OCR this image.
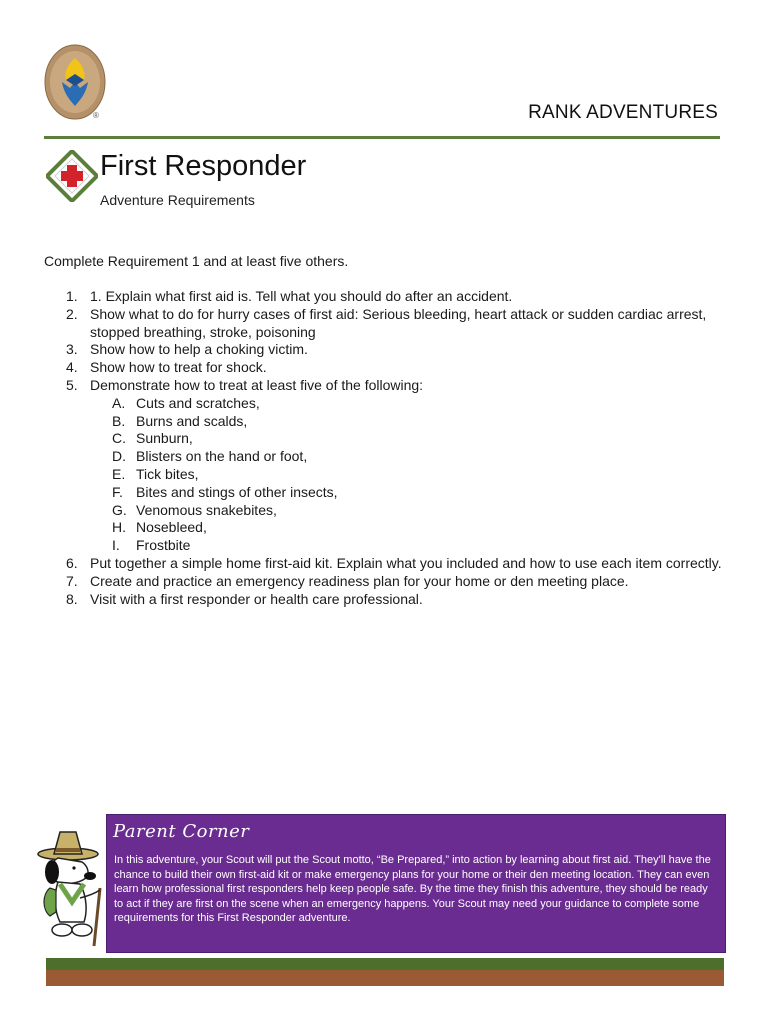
®	RANK ADVENTURES
First Responder
Adventure Requirements
Complete Requirement 1 and at least five others.
1. 1. Explain what first aid is. Tell what you should do after an accident.
2. Show what to do for hurry cases of first aid: Serious bleeding, heart attack or sudden cardiac arrest, stopped breathing, stroke, poisoning
3. Show how to help a choking victim.
4. Show how to treat for shock.
5. Demonstrate how to treat at least five of the following:
A. Cuts and scratches,
B. Burns and scalds,
C. Sunburn,
D. Blisters on the hand or foot,
E. Tick bites,
F. Bites and stings of other insects,
G. Venomous snakebites,
H. Nosebleed,
I. Frostbite
6. Put together a simple home first-aid kit. Explain what you included and how to use each item correctly.
7. Create and practice an emergency readiness plan for your home or den meeting place.
8. Visit with a first responder or health care professional.
Parent Corner
In this adventure, your Scout will put the Scout motto, “Be Prepared,” into action by learning about first aid. They'll have the chance to build their own first-aid kit or make emergency plans for your home or their den meeting location. They can even learn how professional first responders help keep people safe. By the time they finish this adventure, they should be ready to act if they are first on the scene when an emergency happens. Your Scout may need your guidance to complete some requirements for this First Responder adventure.
